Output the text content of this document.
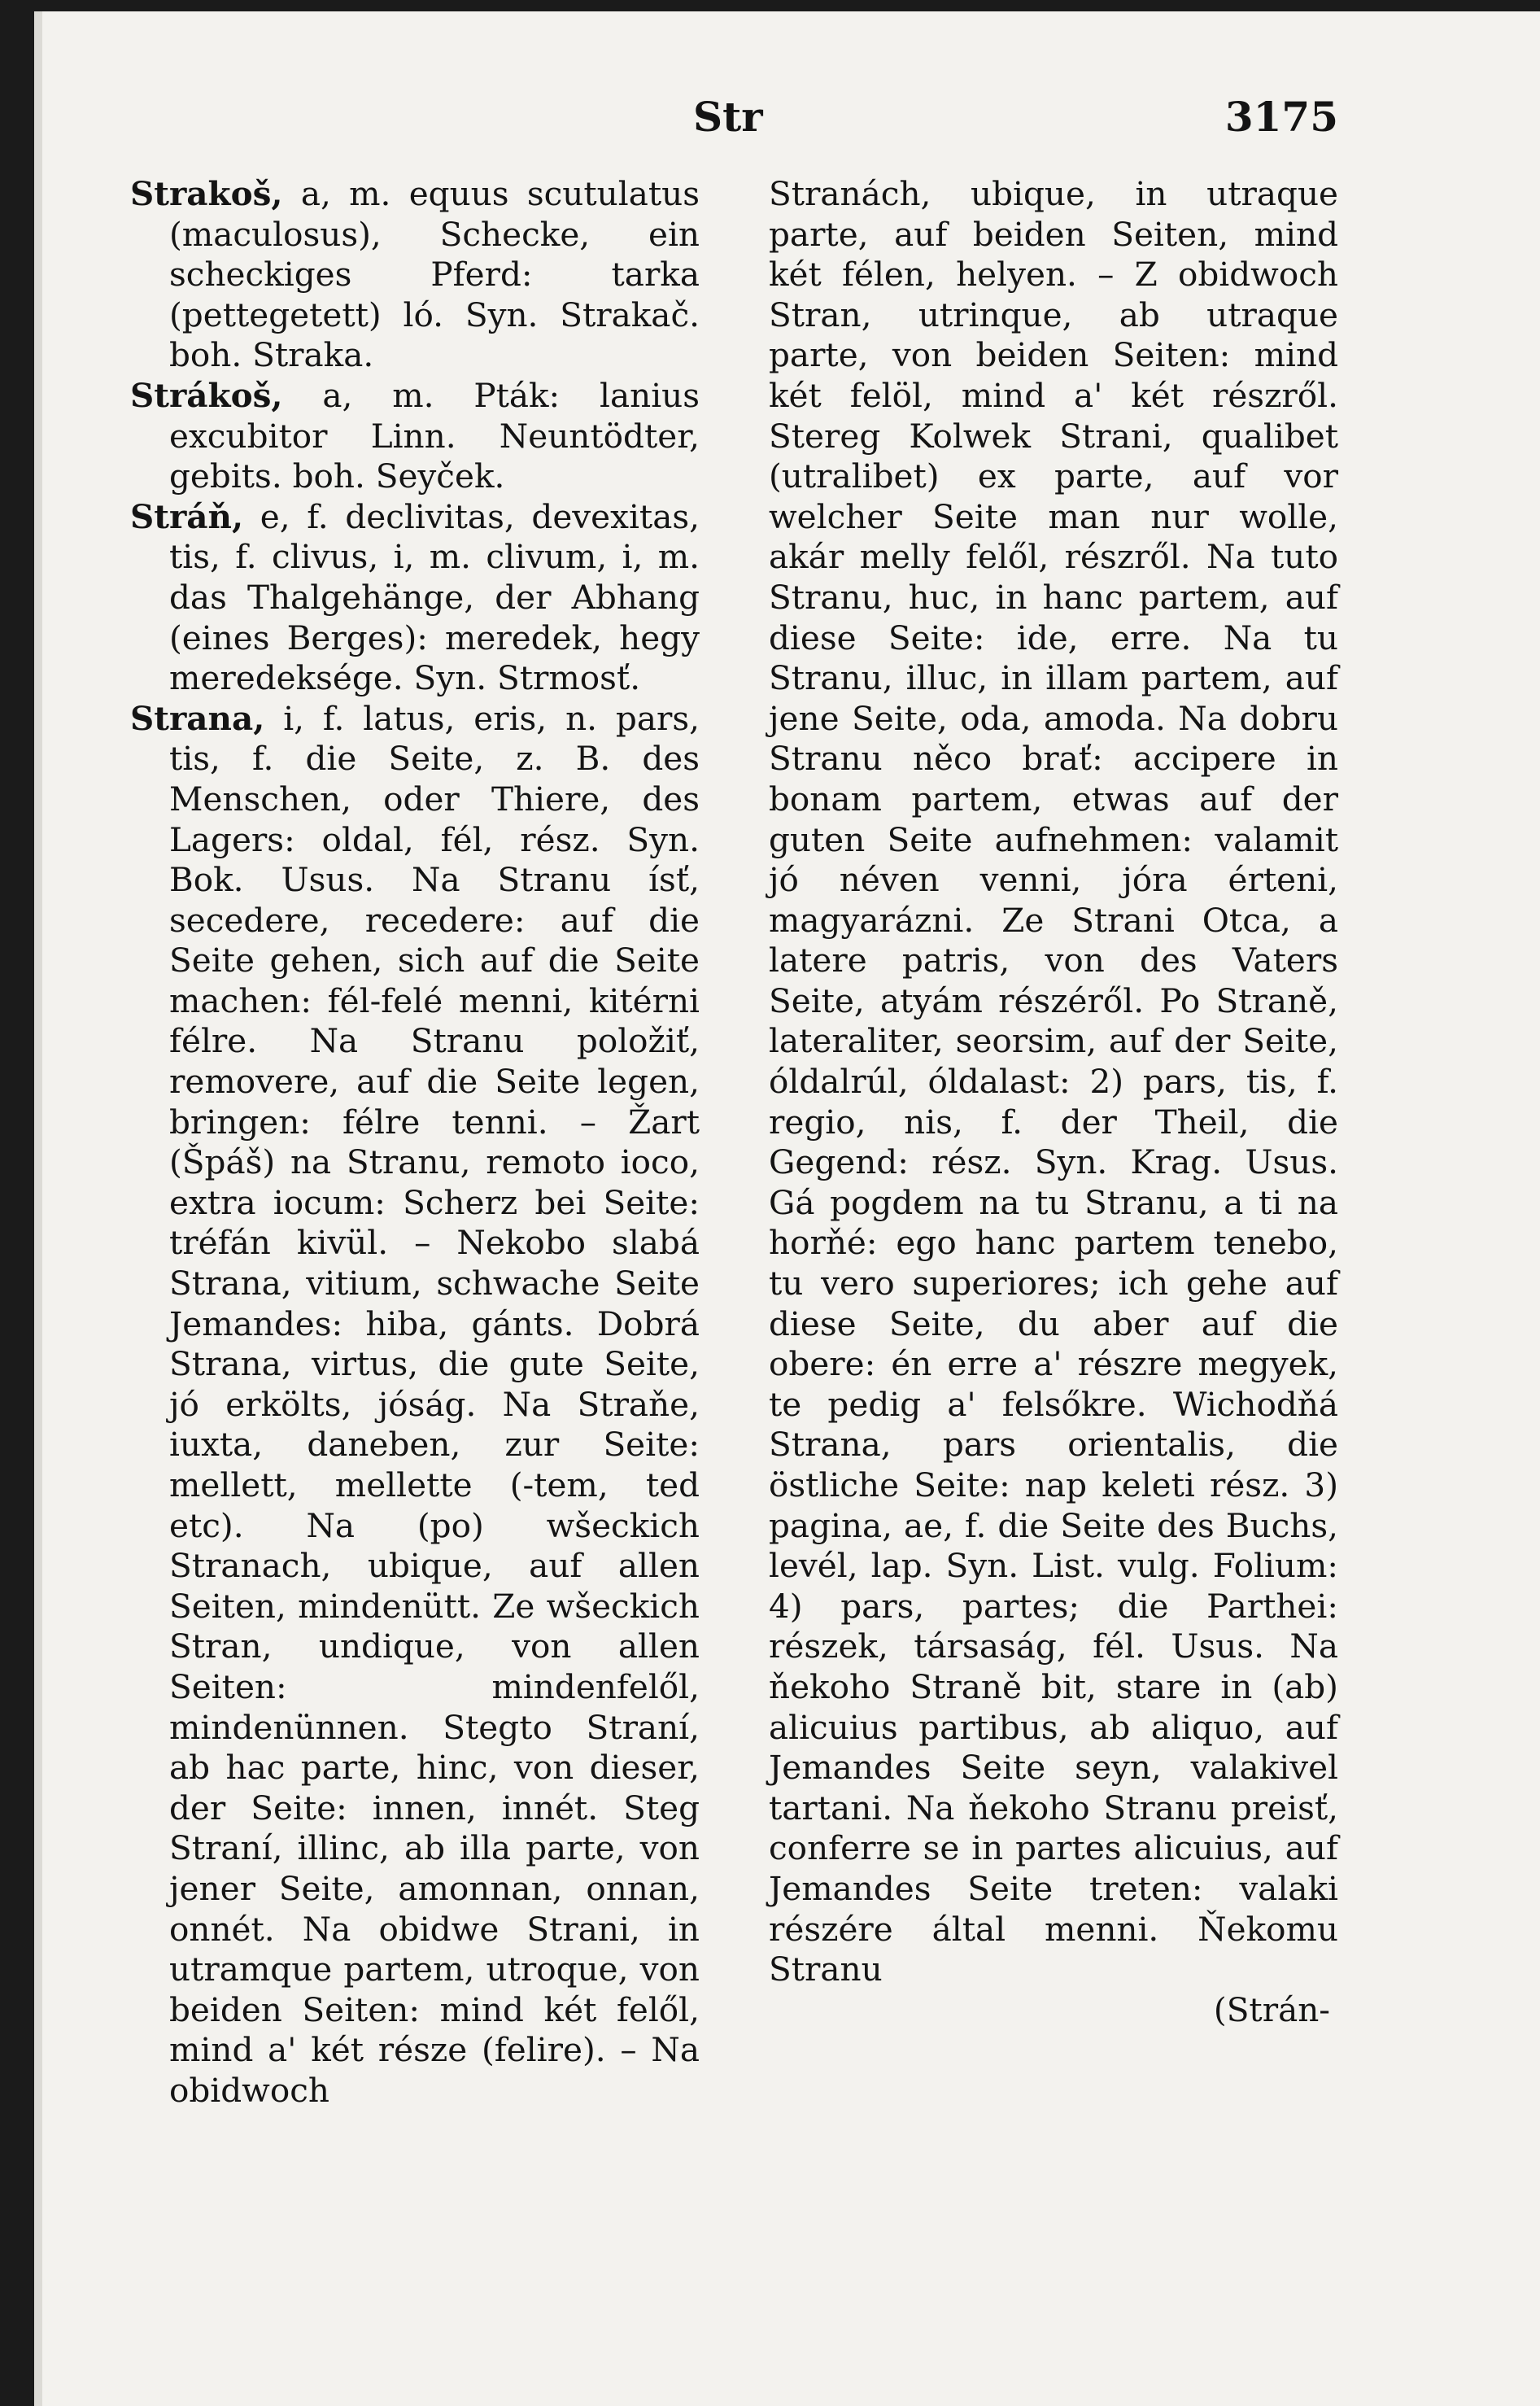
Str	3175

Strakoš, a, m. equus scutulatus (maculosus), Schecke, ein scheckiges Pferd: tarka (pettegetett) ló. Syn. Strakač. boh. Straka.

Strákoš, a, m. Pták: lanius excubitor Linn. Neuntödter, gebits. boh. Seyček.

Stráň, e, f. declivitas, devexitas, tis, f. clivus, i, m. clivum, i, m. das Thalgehänge, der Abhang (eines Berges): meredek, hegy meredeksége. Syn. Strmosť.

Strana, i, f. latus, eris, n. pars, tis, f. die Seite, z. B. des Menschen, oder Thiere, des Lagers: oldal, fél, rész. Syn. Bok. Usus. Na Stranu ísť, secedere, recedere: auf die Seite gehen, sich auf die Seite machen: fél-felé menni, kitérni félre. Na Stranu položiť, removere, auf die Seite legen, bringen: félre tenni. – Žart (Špáš) na Stranu, remoto ioco, extra iocum: Scherz bei Seite: tréfán kivül. – Nekobo slabá Strana, vitium, schwache Seite Jemandes: hiba, gánts. Dobrá Strana, virtus, die gute Seite, jó erkölts, jóság. Na Straňe, iuxta, daneben, zur Seite: mellett, mellette (-tem, ted etc). Na (po) wšeckich Stranach, ubique, auf allen Seiten, mindenütt. Ze wšeckich Stran, undique, von allen Seiten: mindenfelől, mindenünnen. Stegto Straní, ab hac parte, hinc, von dieser, der Seite: innen, innét. Steg Straní, illinc, ab illa parte, von jener Seite, amonnan, onnan, onnét. Na obidwe Strani, in utramque partem, utroque, von beiden Seiten: mind két felől, mind a' két része (felire). – Na obidwoch

Stranách, ubique, in utraque parte, auf beiden Seiten, mind két félen, helyen. – Z obidwoch Stran, utrinque, ab utraque parte, von beiden Seiten: mind két felöl, mind a' két részről. Stereg Kolwek Strani, qualibet (utralibet) ex parte, auf vor welcher Seite man nur wolle, akár melly felől, részről. Na tuto Stranu, huc, in hanc partem, auf diese Seite: ide, erre. Na tu Stranu, illuc, in illam partem, auf jene Seite, oda, amoda. Na dobru Stranu něco brať: accipere in bonam partem, etwas auf der guten Seite aufnehmen: valamit jó néven venni, jóra érteni, magyarázni. Ze Strani Otca, a latere patris, von des Vaters Seite, atyám részéről. Po Straně, lateraliter, seorsim, auf der Seite, óldalrúl, óldalast: 2) pars, tis, f. regio, nis, f. der Theil, die Gegend: rész. Syn. Krag. Usus. Gá pogdem na tu Stranu, a ti na horňé: ego hanc partem tenebo, tu vero superiores; ich gehe auf diese Seite, du aber auf die obere: én erre a' részre megyek, te pedig a' felsőkre. Wichodňá Strana, pars orientalis, die östliche Seite: nap keleti rész. 3) pagina, ae, f. die Seite des Buchs, levél, lap. Syn. List. vulg. Folium: 4) pars, partes; die Parthei: részek, társaság, fél. Usus. Na ňekoho Straně bit, stare in (ab) alicuius partibus, ab aliquo, auf Jemandes Seite seyn, valakivel tartani. Na ňekoho Stranu preisť, conferre se in partes alicuius, auf Jemandes Seite treten: valaki részére által menni. Ňekomu Stranu

(Strán-
